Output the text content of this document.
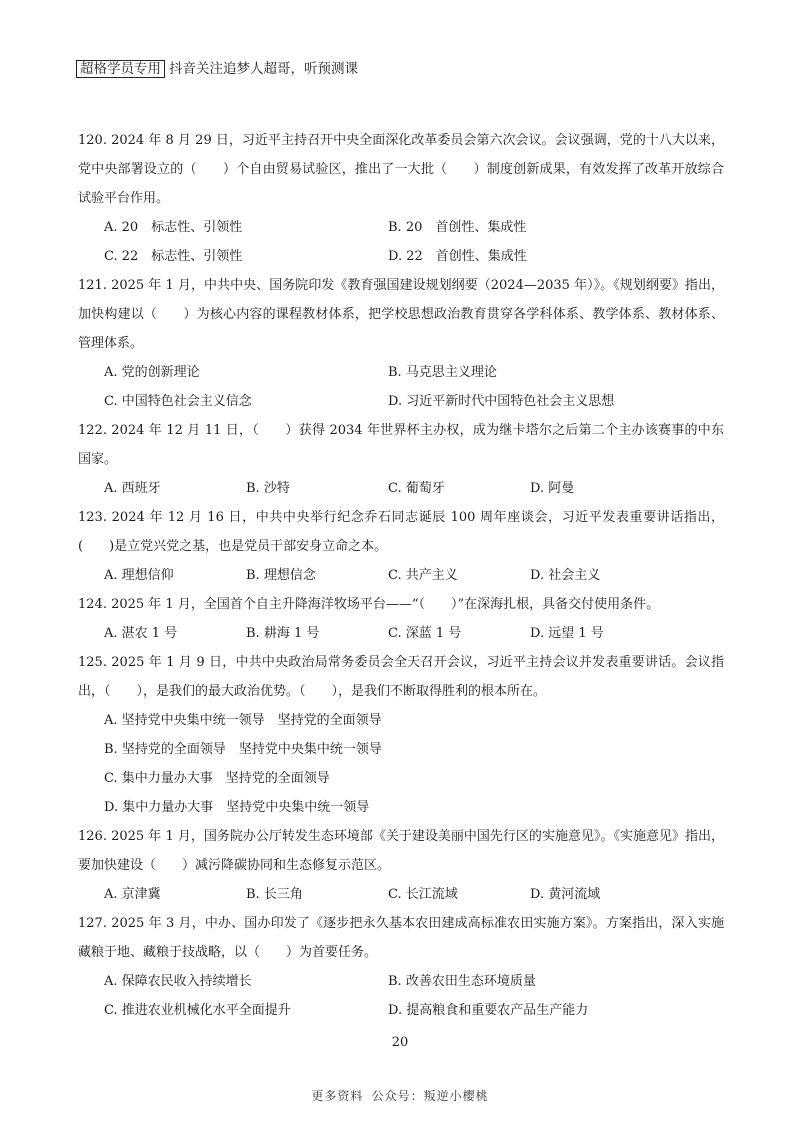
超格学员专用 抖音关注追梦人超哥，听预测课
120. 2024 年 8 月 29 日，习近平主持召开中央全面深化改革委员会第六次会议。会议强调，党的十八大以来，党中央部署设立的（　　）个自由贸易试验区，推出了一大批（　　）制度创新成果，有效发挥了改革开放综合试验平台作用。
A. 20　标志性、引领性	B. 20　首创性、集成性
C. 22　标志性、引领性	D. 22　首创性、集成性
121. 2025 年 1 月，中共中央、国务院印发《教育强国建设规划纲要（2024—2035 年）》。《规划纲要》指出，加快构建以（　　）为核心内容的课程教材体系，把学校思想政治教育贯穿各学科体系、教学体系、教材体系、管理体系。
A. 党的创新理论	B. 马克思主义理论
C. 中国特色社会主义信念	D. 习近平新时代中国特色社会主义思想
122. 2024 年 12 月 11 日，（　　）获得 2034 年世界杯主办权，成为继卡塔尔之后第二个主办该赛事的中东国家。
A. 西班牙	B. 沙特	C. 葡萄牙	D. 阿曼
123. 2024 年 12 月 16 日，中共中央举行纪念乔石同志诞辰 100 周年座谈会，习近平发表重要讲话指出，(　　)是立党兴党之基，也是党员干部安身立命之本。
A. 理想信仰	B. 理想信念	C. 共产主义	D. 社会主义
124. 2025 年 1 月，全国首个自主升降海洋牧场平台——“（　　）”在深海扎根，具备交付使用条件。
A. 湛农 1 号	B. 耕海 1 号	C. 深蓝 1 号	D. 远望 1 号
125. 2025 年 1 月 9 日，中共中央政治局常务委员会全天召开会议，习近平主持会议并发表重要讲话。会议指出，（　　），是我们的最大政治优势。（　　），是我们不断取得胜利的根本所在。
A. 坚持党中央集中统一领导　坚持党的全面领导
B. 坚持党的全面领导　坚持党中央集中统一领导
C. 集中力量办大事　坚持党的全面领导
D. 集中力量办大事　坚持党中央集中统一领导
126. 2025 年 1 月，国务院办公厅转发生态环境部《关于建设美丽中国先行区的实施意见》。《实施意见》指出，要加快建设（　　）减污降碳协同和生态修复示范区。
A. 京津冀	B. 长三角	C. 长江流域	D. 黄河流域
127. 2025 年 3 月，中办、国办印发了《逐步把永久基本农田建成高标准农田实施方案》。方案指出，深入实施藏粮于地、藏粮于技战略，以（　　）为首要任务。
A. 保障农民收入持续增长	B. 改善农田生态环境质量
C. 推进农业机械化水平全面提升	D. 提高粮食和重要农产品生产能力
20
更多资料 公众号：叛逆小樱桃
